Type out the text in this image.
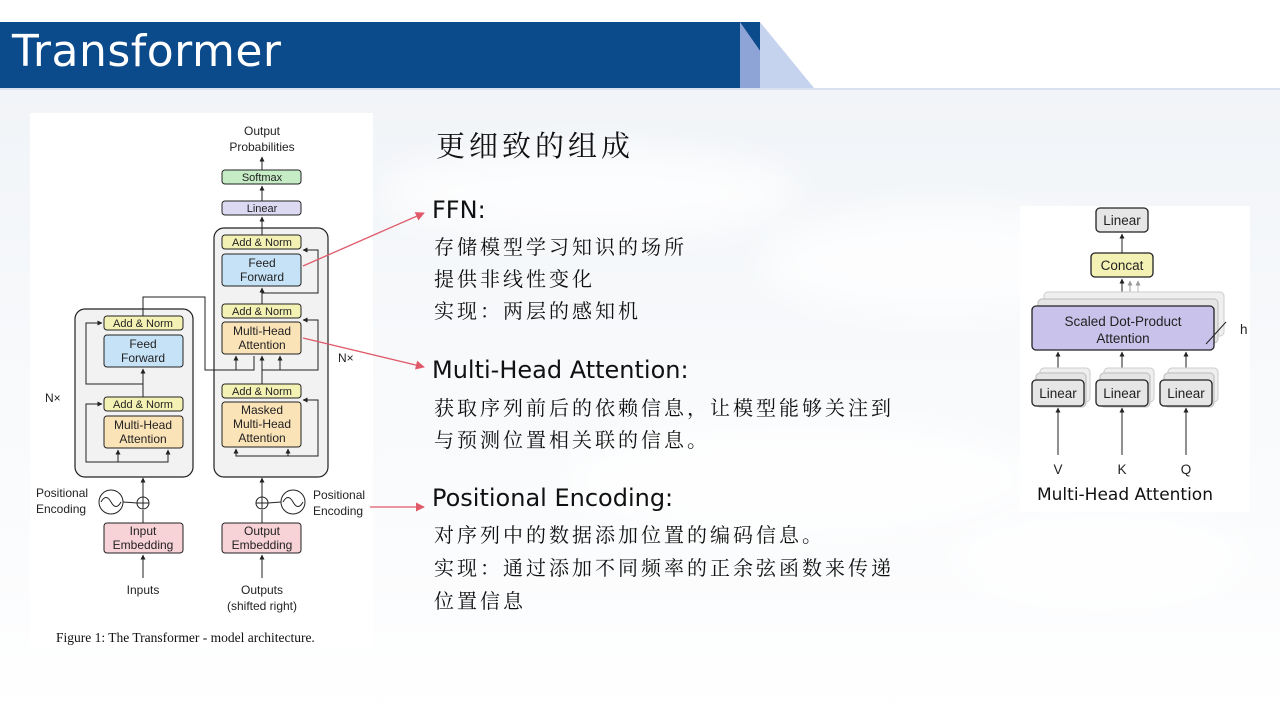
Transformer
Output
Probabilities
Softmax
Linear
Add & Norm
Feed
Forward
Add & Norm
Multi-Head
Attention
Add & Norm
Masked
Multi-Head
Attention
Add & Norm
Feed
Forward
Add & Norm
Multi-Head
Attention
N×
N×
Positional
Encoding
Positional
Encoding
Input
Embedding
Output
Embedding
Inputs	Outputs
(shifted right)
Figure 1: The Transformer - model architecture.
Linear
Concat
Scaled Dot-Product
Attention
h
Linear Linear Linear
V	K	Q
Multi-Head Attention
更细致的组成
FFN:
存储模型学习知识的场所
提供非线性变化
实现：两层的感知机
Multi-Head Attention:
获取序列前后的依赖信息，让模型能够关注到
与预测位置相关联的信息。
Positional Encoding:
对序列中的数据添加位置的编码信息。
实现：通过添加不同频率的正余弦函数来传递
位置信息
